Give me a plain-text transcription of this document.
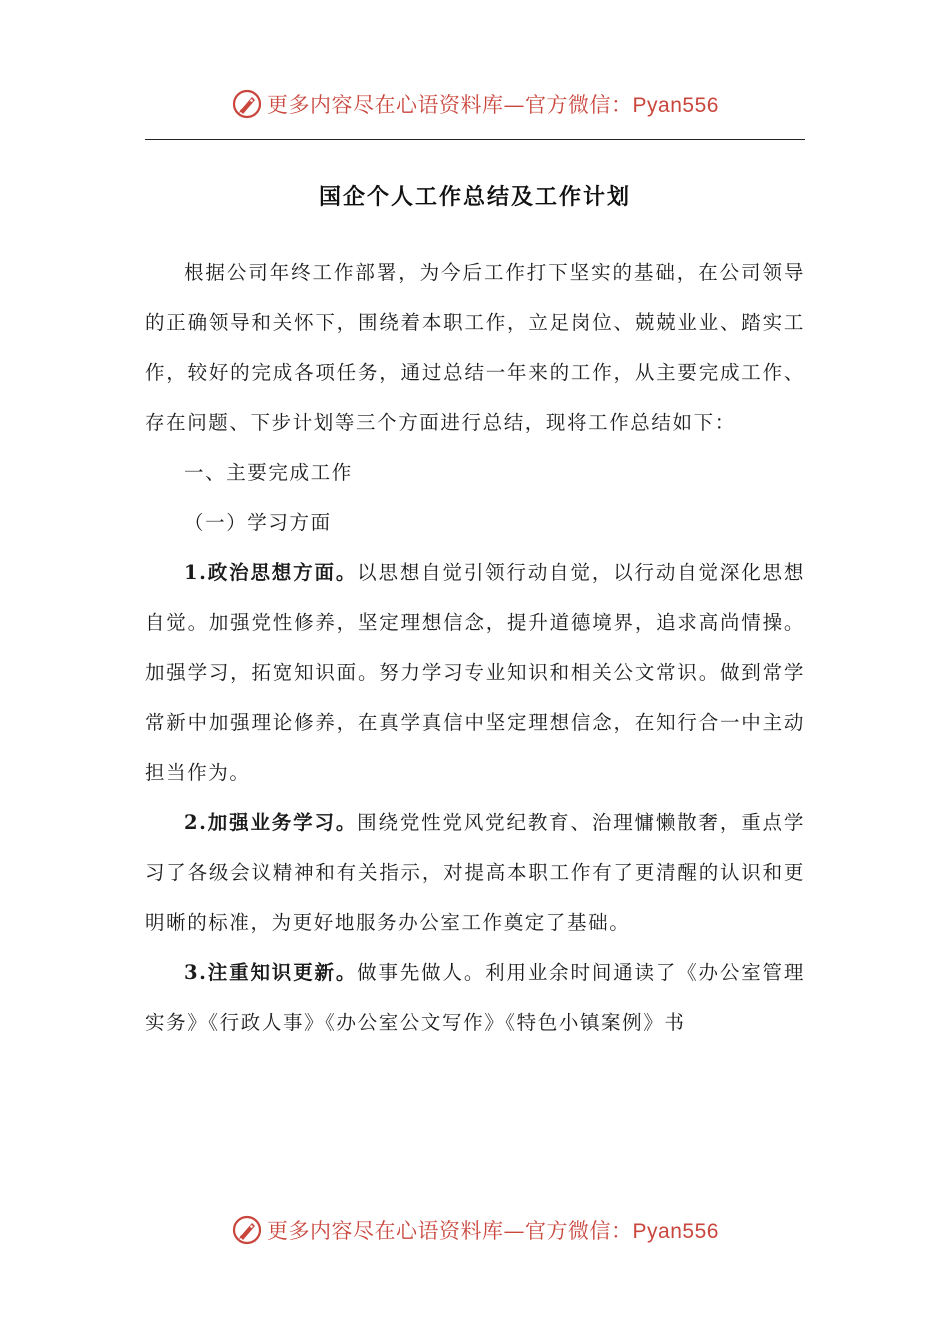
更多内容尽在心语资料库—官方微信：Pyan556
国企个人工作总结及工作计划

根据公司年终工作部署，为今后工作打下坚实的基础，在公司领导的正确领导和关怀下，围绕着本职工作，立足岗位、兢兢业业、踏实工作，较好的完成各项任务，通过总结一年来的工作，从主要完成工作、存在问题、下步计划等三个方面进行总结，现将工作总结如下：

一、主要完成工作

（一）学习方面

1.政治思想方面。以思想自觉引领行动自觉，以行动自觉深化思想自觉。加强党性修养，坚定理想信念，提升道德境界，追求高尚情操。加强学习，拓宽知识面。努力学习专业知识和相关公文常识。做到常学常新中加强理论修养，在真学真信中坚定理想信念，在知行合一中主动担当作为。

2.加强业务学习。围绕党性党风党纪教育、治理慵懒散奢，重点学习了各级会议精神和有关指示，对提高本职工作有了更清醒的认识和更明晰的标准，为更好地服务办公室工作奠定了基础。

3.注重知识更新。做事先做人。利用业余时间通读了《办公室管理实务》《行政人事》《办公室公文写作》《特色小镇案例》书

更多内容尽在心语资料库—官方微信：Pyan556
